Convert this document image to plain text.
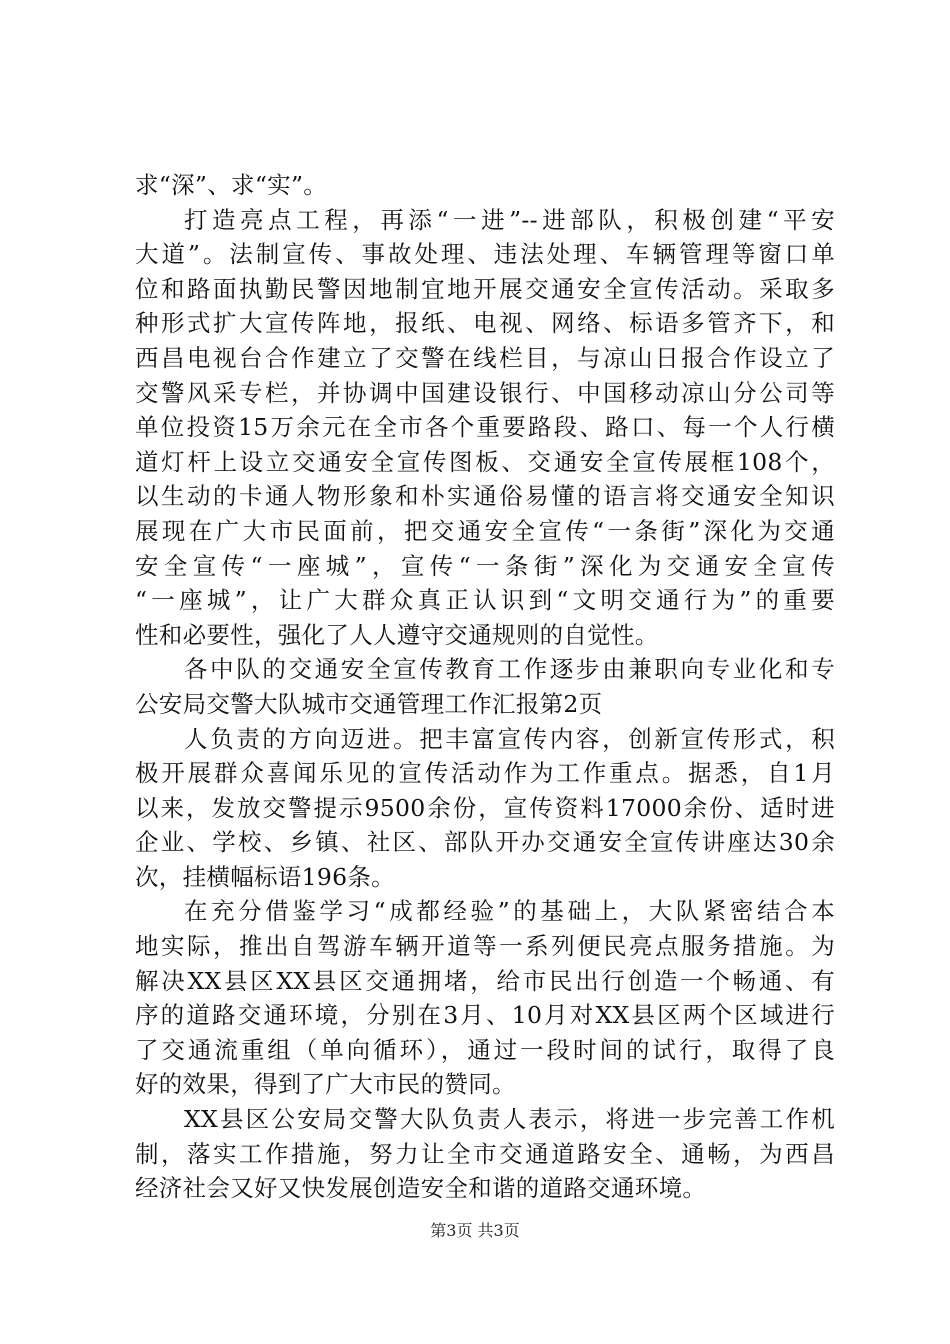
求“深”、求“实”。
打造亮点工程，再添“一进”--进部队，积极创建“平安
大道”。法制宣传、事故处理、违法处理、车辆管理等窗口单
位和路面执勤民警因地制宜地开展交通安全宣传活动。采取多
种形式扩大宣传阵地，报纸、电视、网络、标语多管齐下，和
西昌电视台合作建立了交警在线栏目，与凉山日报合作设立了
交警风采专栏，并协调中国建设银行、中国移动凉山分公司等
单位投资15万余元在全市各个重要路段、路口、每一个人行横
道灯杆上设立交通安全宣传图板、交通安全宣传展框108个，
以生动的卡通人物形象和朴实通俗易懂的语言将交通安全知识
展现在广大市民面前，把交通安全宣传“一条街”深化为交通
安全宣传“一座城”，宣传“一条街”深化为交通安全宣传
“一座城”，让广大群众真正认识到“文明交通行为”的重要
性和必要性，强化了人人遵守交通规则的自觉性。
各中队的交通安全宣传教育工作逐步由兼职向专业化和专
公安局交警大队城市交通管理工作汇报第2页
人负责的方向迈进。把丰富宣传内容，创新宣传形式，积
极开展群众喜闻乐见的宣传活动作为工作重点。据悉，自1月
以来，发放交警提示9500余份，宣传资料17000余份、适时进
企业、学校、乡镇、社区、部队开办交通安全宣传讲座达30余
次，挂横幅标语196条。
在充分借鉴学习“成都经验”的基础上，大队紧密结合本
地实际，推出自驾游车辆开道等一系列便民亮点服务措施。为
解决XX县区XX县区交通拥堵，给市民出行创造一个畅通、有
序的道路交通环境，分别在3月、10月对XX县区两个区域进行
了交通流重组（单向循环），通过一段时间的试行，取得了良
好的效果，得到了广大市民的赞同。
XX县区公安局交警大队负责人表示，将进一步完善工作机
制，落实工作措施，努力让全市交通道路安全、通畅，为西昌
经济社会又好又快发展创造安全和谐的道路交通环境。
第3页 共3页
